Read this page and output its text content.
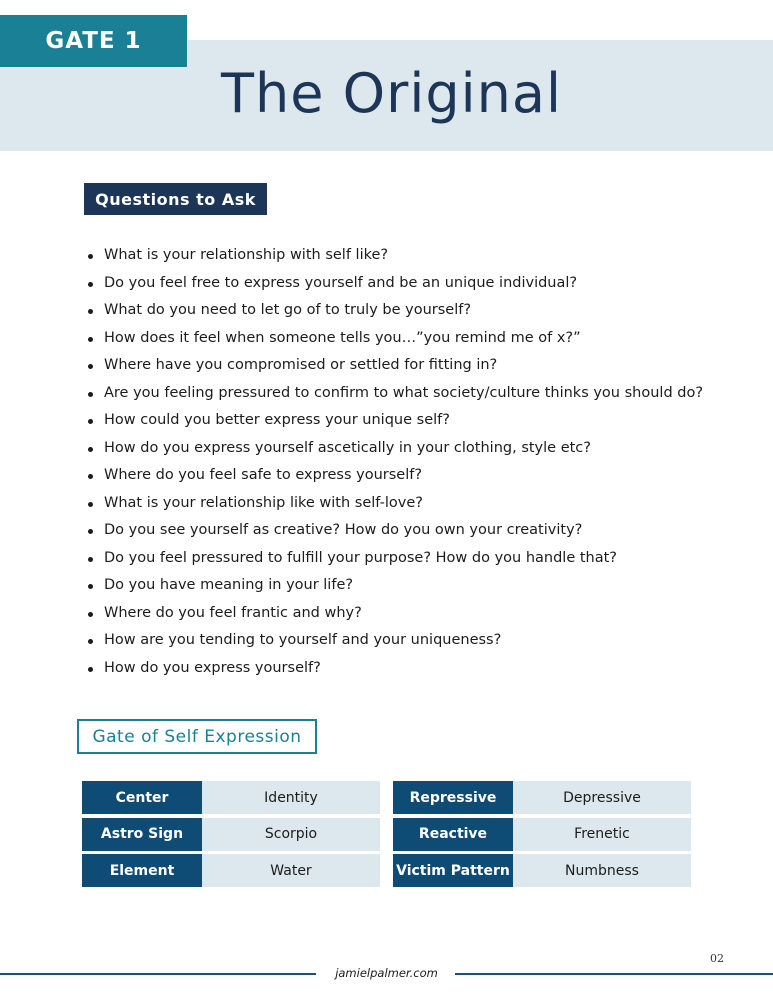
GATE 1
The Original
Questions to Ask
What is your relationship with self like?
Do you feel free to express yourself and be an unique individual?
What do you need to let go of to truly be yourself?
How does it feel when someone tells you…”you remind me of x?”
Where have you compromised or settled for fitting in?
Are you feeling pressured to confirm to what society/culture thinks you should do?
How could you better express your unique self?
How do you express yourself ascetically in your clothing, style etc?
Where do you feel safe to express yourself?
What is your relationship like with self-love?
Do you see yourself as creative? How do you own your creativity?
Do you feel pressured to fulfill your purpose? How do you handle that?
Do you have meaning in your life?
Where do you feel frantic and why?
How are you tending to yourself and your uniqueness?
How do you express yourself?
Gate of Self Expression
Center	Identity
Astro Sign	Scorpio
Element	Water
Repressive	Depressive
Reactive	Frenetic
Victim Pattern	Numbness
02
jamielpalmer.com
